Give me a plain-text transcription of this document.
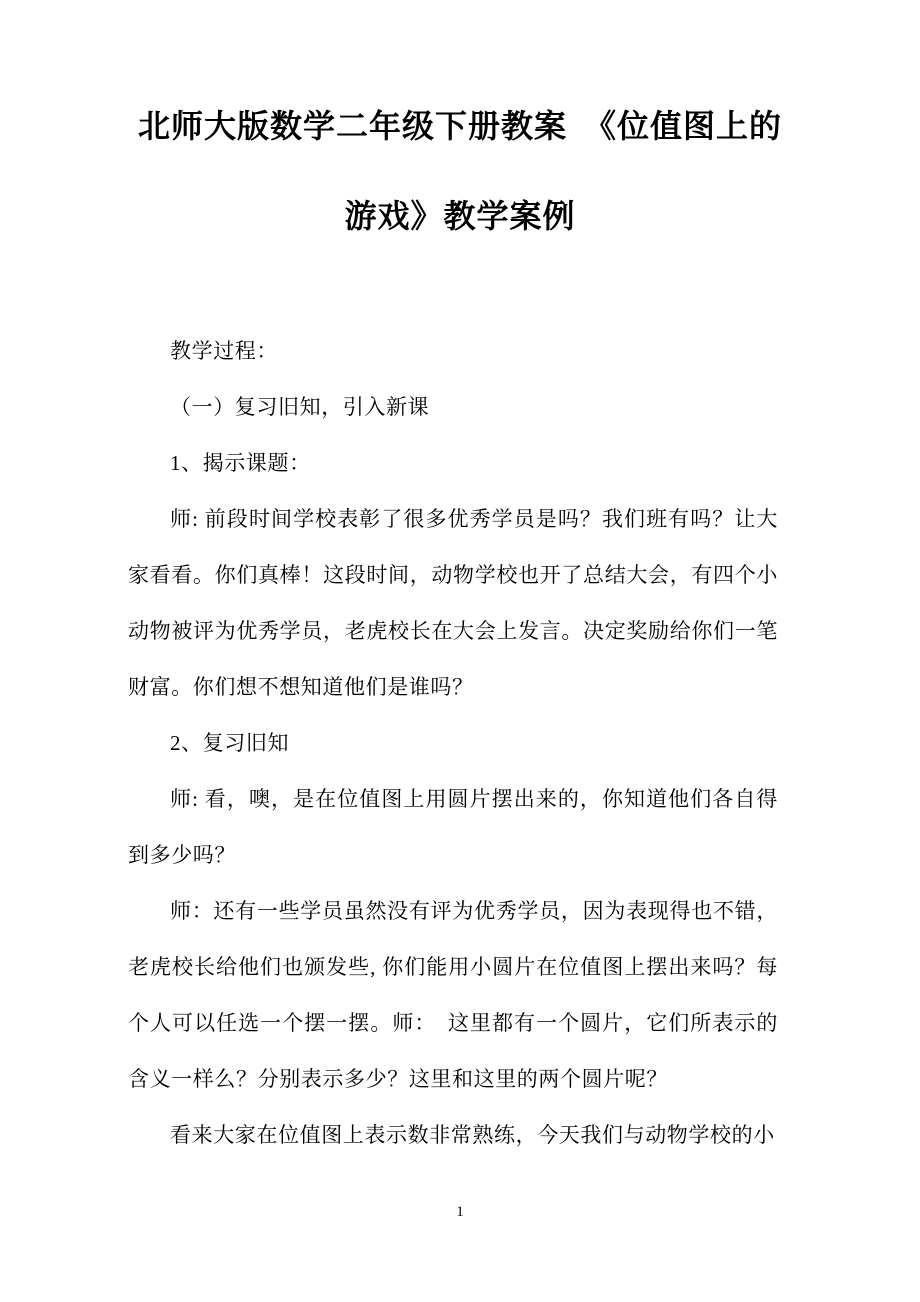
北师大版数学二年级下册教案　《位值图上的
游戏》教学案例

教学过程：

（一）复习旧知，引入新课

1、揭示课题：

师: 前段时间学校表彰了很多优秀学员是吗？我们班有吗？让大家看看。你们真棒！这段时间，动物学校也开了总结大会，有四个小动物被评为优秀学员，老虎校长在大会上发言。决定奖励给你们一笔财富。你们想不想知道他们是谁吗？

2、复习旧知

师: 看，噢，是在位值图上用圆片摆出来的，你知道他们各自得到多少吗？

师：还有一些学员虽然没有评为优秀学员，因为表现得也不错，老虎校长给他们也颁发些, 你们能用小圆片在位值图上摆出来吗？每个人可以任选一个摆一摆。师：　这里都有一个圆片，它们所表示的含义一样么？分别表示多少？这里和这里的两个圆片呢？

看来大家在位值图上表示数非常熟练，今天我们与动物学校的小

1
